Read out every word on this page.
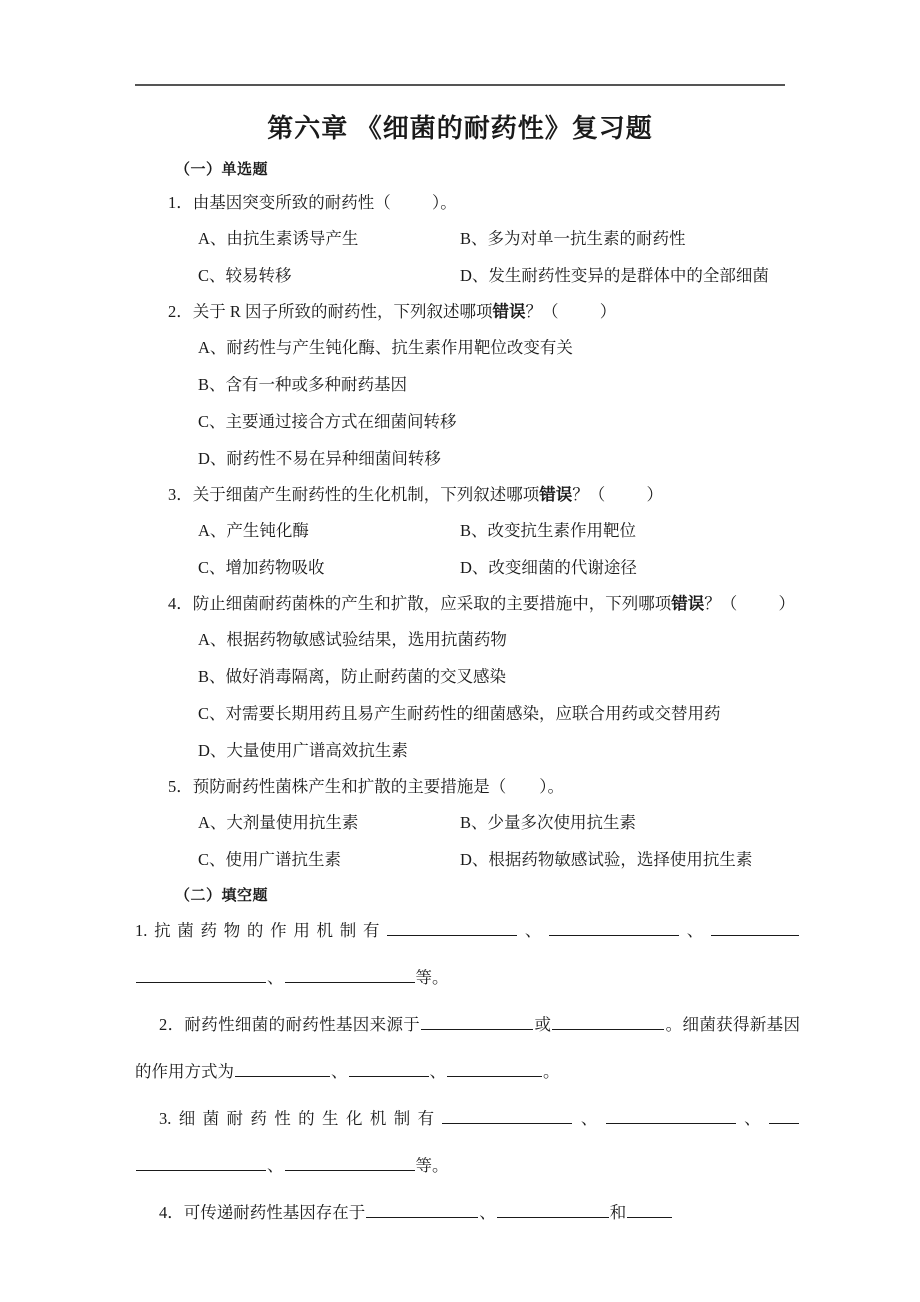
第六章 《细菌的耐药性》复习题
（一）单选题
1．由基因突变所致的耐药性（	）。
A、由抗生素诱导产生	B、多为对单一抗生素的耐药性
C、较易转移	D、发生耐药性变异的是群体中的全部细菌
2．关于 R 因子所致的耐药性，下列叙述哪项错误？（          ）
A、耐药性与产生钝化酶、抗生素作用靶位改变有关
B、含有一种或多种耐药基因
C、主要通过接合方式在细菌间转移
D、耐药性不易在异种细菌间转移
3．关于细菌产生耐药性的生化机制，下列叙述哪项错误？（          ）
A、产生钝化酶	B、改变抗生素作用靶位
C、增加药物吸收	D、改变细菌的代谢途径
4．防止细菌耐药菌株的产生和扩散，应采取的主要措施中，下列哪项错误？（          ）
A、根据药物敏感试验结果，选用抗菌药物
B、做好消毒隔离，防止耐药菌的交叉感染
C、对需要长期用药且易产生耐药性的细菌感染，应联合用药或交替用药
D、大量使用广谱高效抗生素
5．预防耐药性菌株产生和扩散的主要措施是（ ）。
A、大剂量使用抗生素	B、少量多次使用抗生素
C、使用广谱抗生素	D、根据药物敏感试验，选择使用抗生素
（二）填空题
1.抗菌药物的作用机制有	、	、、	等。
2．耐药性细菌的耐药性基因来源于	或	。细菌获得新基因的作用方式为	、	、	。
3.细菌耐药性的生化机制有	、	、、	等。
4．可传递耐药性基因存在于	、	和
